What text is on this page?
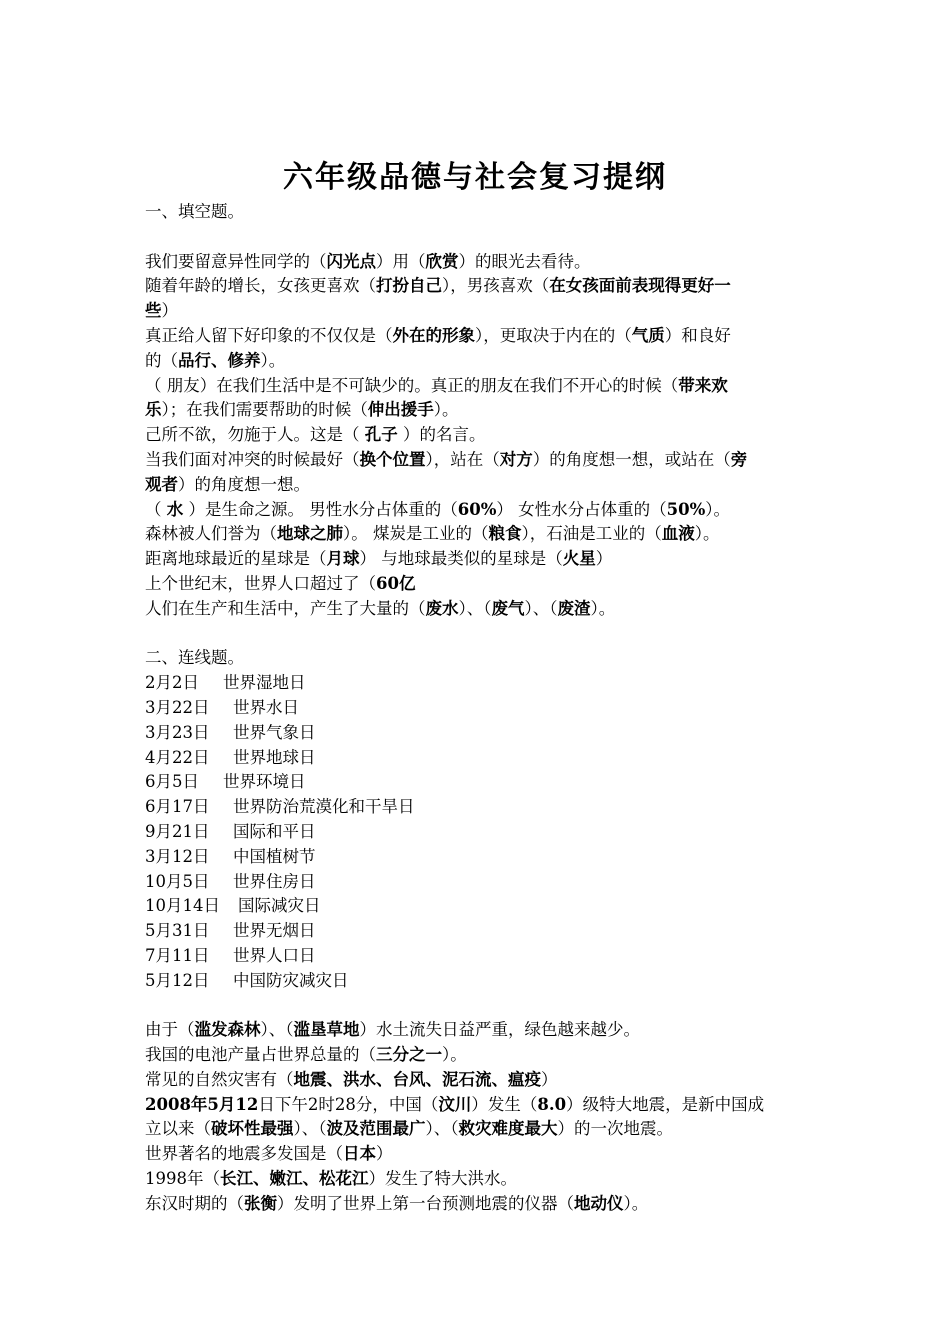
六年级品德与社会复习提纲
一、填空题。
我们要留意异性同学的（闪光点）用（欣赏）的眼光去看待。
随着年龄的增长，女孩更喜欢（打扮自己），男孩喜欢（在女孩面前表现得更好一
些）
真正给人留下好印象的不仅仅是（外在的形象），更取决于内在的（气质）和良好
的（品行、修养）。
（ 朋友）在我们生活中是不可缺少的。真正的朋友在我们不开心的时候（带来欢
乐）；在我们需要帮助的时候（伸出援手）。
己所不欲，勿施于人。这是（ 孔子 ）的名言。
当我们面对冲突的时候最好（换个位置），站在（对方）的角度想一想，或站在（旁
观者）的角度想一想。
（ 水 ）是生命之源。 男性水分占体重的（60%） 女性水分占体重的（50%）。
森林被人们誉为（地球之肺）。 煤炭是工业的（粮食），石油是工业的（血液）。
距离地球最近的星球是（月球） 与地球最类似的星球是（火星）
上个世纪末，世界人口超过了（60亿
人们在生产和生活中，产生了大量的（废水）、（废气）、（废渣）。
二、连线题。
2月2日 世界湿地日
3月22日 世界水日
3月23日 世界气象日
4月22日 世界地球日
6月5日 世界环境日
6月17日 世界防治荒漠化和干旱日
9月21日 国际和平日
3月12日 中国植树节
10月5日 世界住房日
10月14日 国际减灾日
5月31日 世界无烟日
7月11日 世界人口日
5月12日 中国防灾减灾日
由于（滥发森林）、（滥垦草地）水土流失日益严重，绿色越来越少。
我国的电池产量占世界总量的（三分之一）。
常见的自然灾害有（地震、洪水、台风、泥石流、瘟疫）
2008年5月12日下午2时28分，中国（汶川）发生（8.0）级特大地震，是新中国成
立以来（破坏性最强）、（波及范围最广）、（救灾难度最大）的一次地震。
世界著名的地震多发国是（日本）
1998年（长江、嫩江、松花江）发生了特大洪水。
东汉时期的（张衡）发明了世界上第一台预测地震的仪器（地动仪）。
